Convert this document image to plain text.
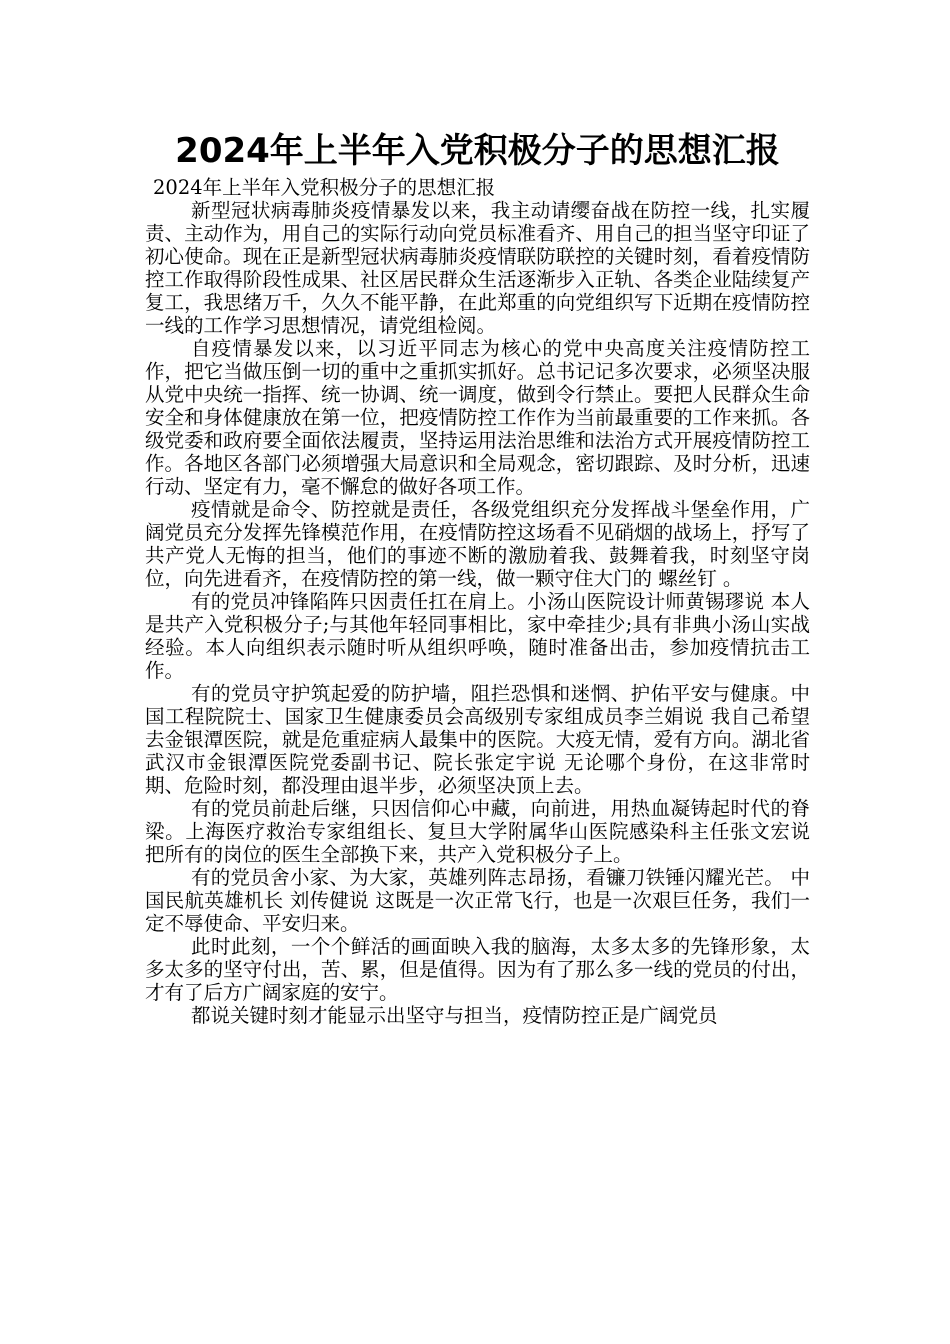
2024年上半年入党积极分子的思想汇报

2024年上半年入党积极分子的思想汇报

新型冠状病毒肺炎疫情暴发以来，我主动请缨奋战在防控一线，扎实履责、主动作为，用自己的实际行动向党员标准看齐、用自己的担当坚守印证了初心使命。现在正是新型冠状病毒肺炎疫情联防联控的关键时刻，看着疫情防控工作取得阶段性成果、社区居民群众生活逐渐步入正轨、各类企业陆续复产复工，我思绪万千，久久不能平静，在此郑重的向党组织写下近期在疫情防控一线的工作学习思想情况，请党组检阅。

自疫情暴发以来，以习近平同志为核心的党中央高度关注疫情防控工作，把它当做压倒一切的重中之重抓实抓好。总书记记多次要求，必须坚决服从党中央统一指挥、统一协调、统一调度，做到令行禁止。要把人民群众生命安全和身体健康放在第一位，把疫情防控工作作为当前最重要的工作来抓。各级党委和政府要全面依法履责，坚持运用法治思维和法治方式开展疫情防控工作。各地区各部门必须增强大局意识和全局观念，密切跟踪、及时分析，迅速行动、坚定有力，毫不懈怠的做好各项工作。

疫情就是命令、防控就是责任，各级党组织充分发挥战斗堡垒作用，广阔党员充分发挥先锋模范作用，在疫情防控这场看不见硝烟的战场上，抒写了共产党人无悔的担当，他们的事迹不断的激励着我、鼓舞着我，时刻坚守岗位，向先进看齐，在疫情防控的第一线，做一颗守住大门的 螺丝钉 。

有的党员冲锋陷阵只因责任扛在肩上。小汤山医院设计师黄锡璆说 本人是共产入党积极分子;与其他年轻同事相比，家中牵挂少;具有非典小汤山实战经验。本人向组织表示随时听从组织呼唤，随时准备出击，参加疫情抗击工作。

有的党员守护筑起爱的防护墙，阻拦恐惧和迷惘、护佑平安与健康。中国工程院院士、国家卫生健康委员会高级别专家组成员李兰娟说 我自己希望去金银潭医院，就是危重症病人最集中的医院。大疫无情，爱有方向。湖北省武汉市金银潭医院党委副书记、院长张定宇说 无论哪个身份，在这非常时期、危险时刻，都没理由退半步，必须坚决顶上去。

有的党员前赴后继，只因信仰心中藏，向前进，用热血凝铸起时代的脊梁。上海医疗救治专家组组长、复旦大学附属华山医院感染科主任张文宏说 把所有的岗位的医生全部换下来，共产入党积极分子上。

有的党员舍小家、为大家，英雄列阵志昂扬，看镰刀铁锤闪耀光芒。 中国民航英雄机长 刘传健说 这既是一次正常飞行，也是一次艰巨任务，我们一定不辱使命、平安归来。

此时此刻，一个个鲜活的画面映入我的脑海，太多太多的先锋形象，太多太多的坚守付出，苦、累，但是值得。因为有了那么多一线的党员的付出，才有了后方广阔家庭的安宁。

都说关键时刻才能显示出坚守与担当，疫情防控正是广阔党员
